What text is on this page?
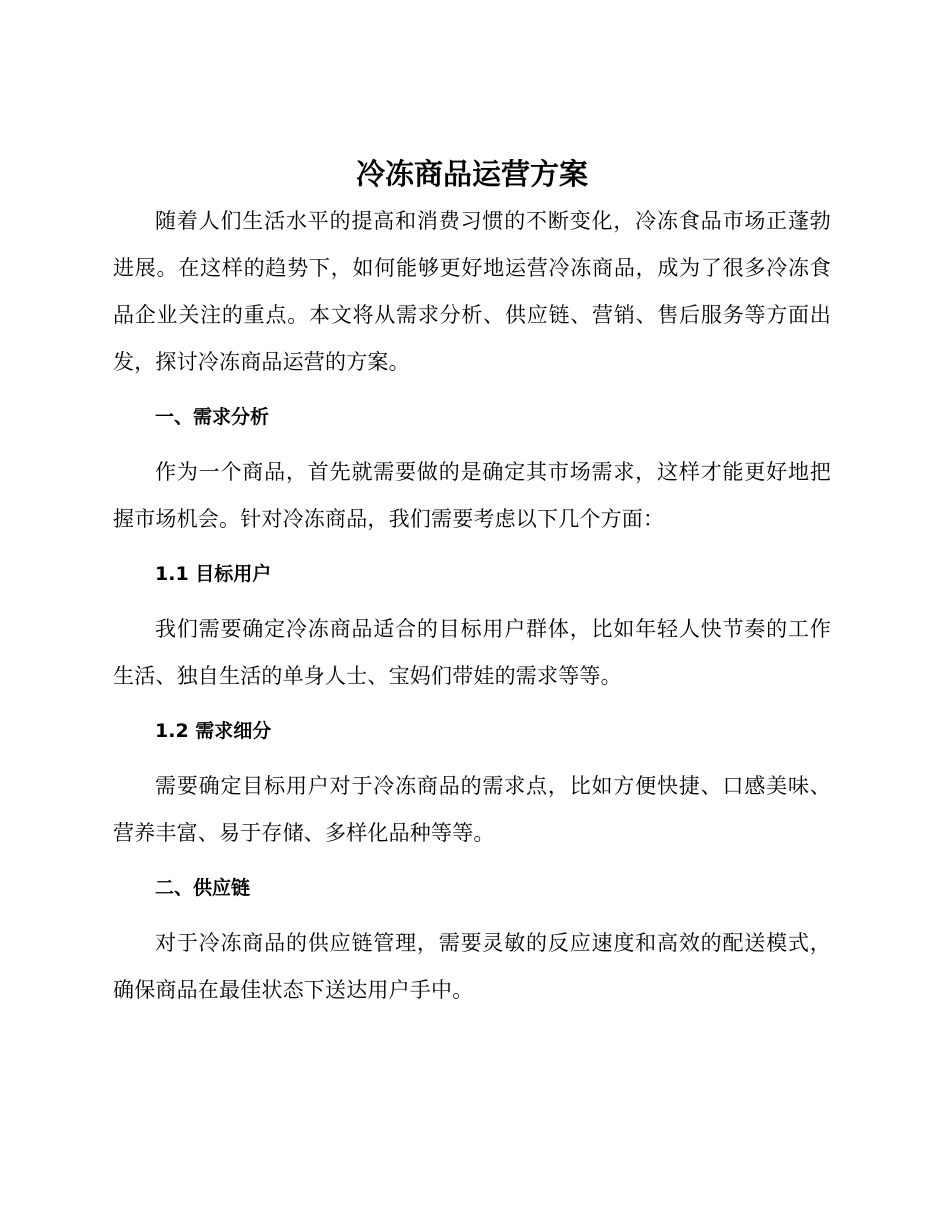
冷冻商品运营方案

随着人们生活水平的提高和消费习惯的不断变化，冷冻食品市场正蓬勃进展。在这样的趋势下，如何能够更好地运营冷冻商品，成为了很多冷冻食品企业关注的重点。本文将从需求分析、供应链、营销、售后服务等方面出发，探讨冷冻商品运营的方案。

一、需求分析

作为一个商品，首先就需要做的是确定其市场需求，这样才能更好地把握市场机会。针对冷冻商品，我们需要考虑以下几个方面：

1.1 目标用户

我们需要确定冷冻商品适合的目标用户群体，比如年轻人快节奏的工作生活、独自生活的单身人士、宝妈们带娃的需求等等。

1.2 需求细分

需要确定目标用户对于冷冻商品的需求点，比如方便快捷、口感美味、营养丰富、易于存储、多样化品种等等。

二、供应链

对于冷冻商品的供应链管理，需要灵敏的反应速度和高效的配送模式，确保商品在最佳状态下送达用户手中。
